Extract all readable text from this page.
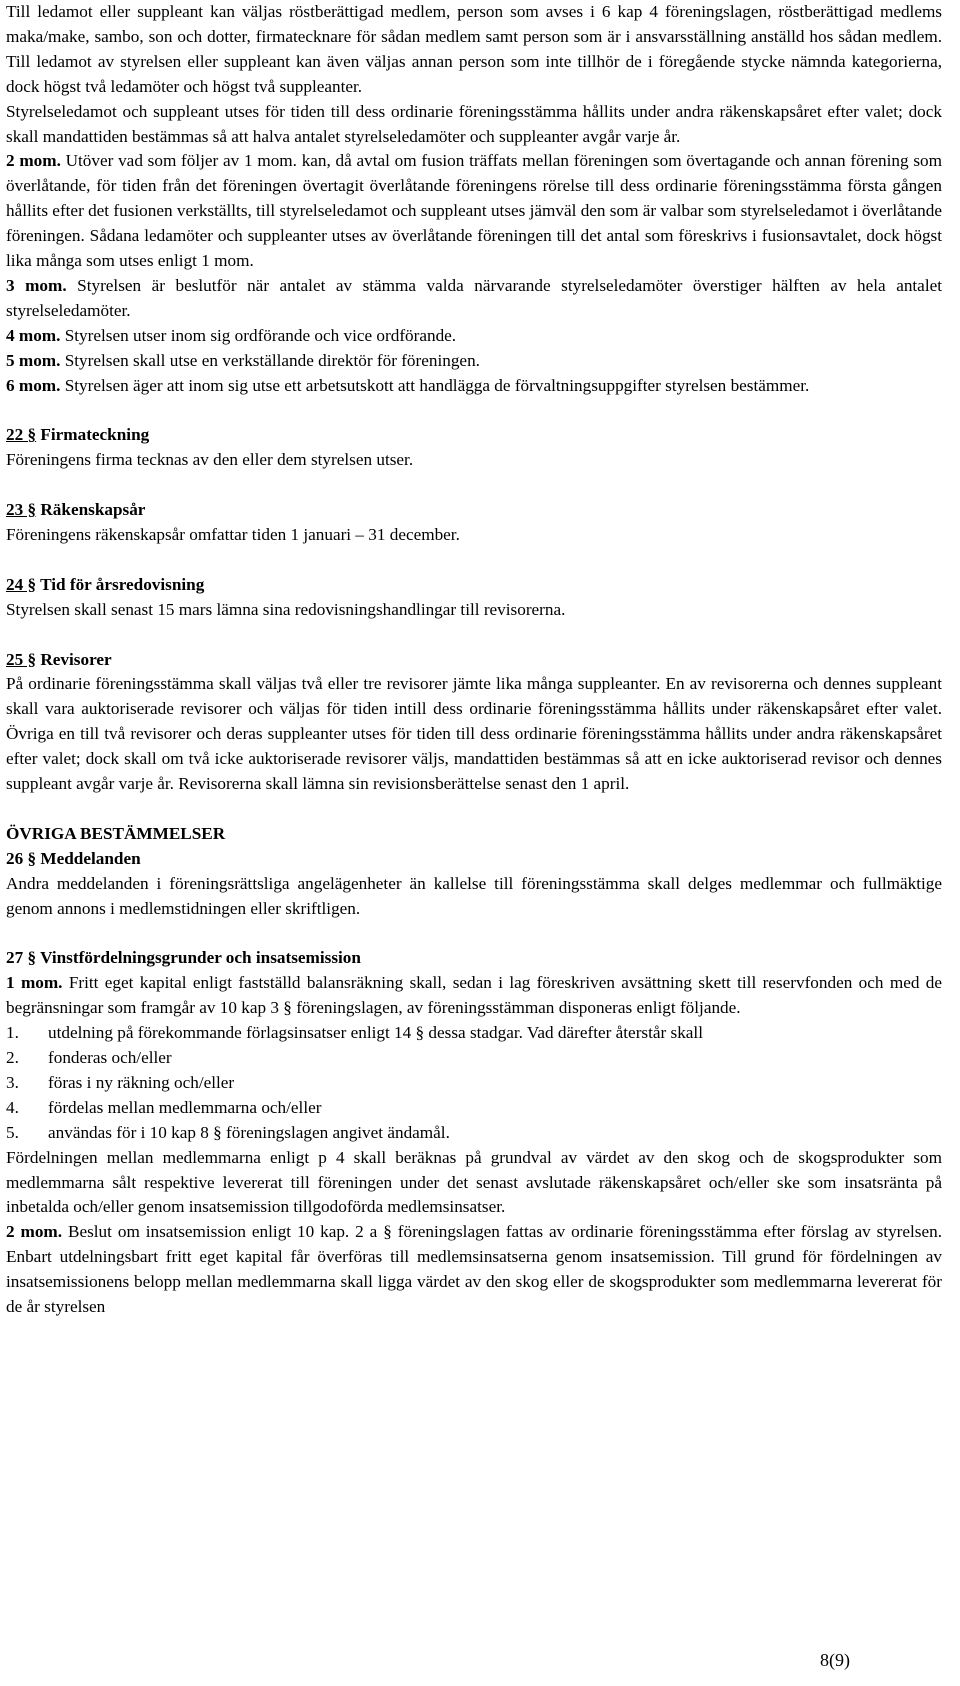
Till ledamot eller suppleant kan väljas röstberättigad medlem, person som avses i 6 kap 4 föreningslagen, röstberättigad medlems maka/make, sambo, son och dotter, firmatecknare för sådan medlem samt person som är i ansvarsställning anställd hos sådan medlem. Till ledamot av styrelsen eller suppleant kan även väljas annan person som inte tillhör de i föregående stycke nämnda kategorierna, dock högst två ledamöter och högst två suppleanter.

Styrelseledamot och suppleant utses för tiden till dess ordinarie föreningsstämma hållits under andra räkenskapsåret efter valet; dock skall mandattiden bestämmas så att halva antalet styrelseledamöter och suppleanter avgår varje år.

2 mom. Utöver vad som följer av 1 mom. kan, då avtal om fusion träffats mellan föreningen som övertagande och annan förening som överlåtande, för tiden från det föreningen övertagit överlåtande föreningens rörelse till dess ordinarie föreningsstämma första gången hållits efter det fusionen verkställts, till styrelseledamot och suppleant utses jämväl den som är valbar som styrelseledamot i överlåtande föreningen. Sådana ledamöter och suppleanter utses av överlåtande föreningen till det antal som föreskrivs i fusionsavtalet, dock högst lika många som utses enligt 1 mom.

3 mom. Styrelsen är beslutför när antalet av stämma valda närvarande styrelseledamöter överstiger hälften av hela antalet styrelseledamöter.

4 mom. Styrelsen utser inom sig ordförande och vice ordförande.

5 mom. Styrelsen skall utse en verkställande direktör för föreningen.

6 mom. Styrelsen äger att inom sig utse ett arbetsutskott att handlägga de förvaltningsuppgifter styrelsen bestämmer.

22 § Firmateckning

Föreningens firma tecknas av den eller dem styrelsen utser.

23 § Räkenskapsår

Föreningens räkenskapsår omfattar tiden 1 januari – 31 december.

24 § Tid för årsredovisning

Styrelsen skall senast 15 mars lämna sina redovisningshandlingar till revisorerna.

25 § Revisorer

På ordinarie föreningsstämma skall väljas två eller tre revisorer jämte lika många suppleanter. En av revisorerna och dennes suppleant skall vara auktoriserade revisorer och väljas för tiden intill dess ordinarie föreningsstämma hållits under räkenskapsåret efter valet. Övriga en till två revisorer och deras suppleanter utses för tiden till dess ordinarie föreningsstämma hållits under andra räkenskapsåret efter valet; dock skall om två icke auktoriserade revisorer väljs, mandattiden bestämmas så att en icke auktoriserad revisor och dennes suppleant avgår varje år. Revisorerna skall lämna sin revisionsberättelse senast den 1 april.

ÖVRIGA BESTÄMMELSER

26 § Meddelanden

Andra meddelanden i föreningsrättsliga angelägenheter än kallelse till föreningsstämma skall delges medlemmar och fullmäktige genom annons i medlemstidningen eller skriftligen.

27 § Vinstfördelningsgrunder och insatsemission

1 mom. Fritt eget kapital enligt fastställd balansräkning skall, sedan i lag föreskriven avsättning skett till reservfonden och med de begränsningar som framgår av 10 kap 3 § föreningslagen, av föreningsstämman disponeras enligt följande.

1.	utdelning på förekommande förlagsinsatser enligt 14 § dessa stadgar. Vad därefter återstår skall
2.	fonderas och/eller
3.	föras i ny räkning och/eller
4.	fördelas mellan medlemmarna och/eller
5.	användas för i 10 kap 8 § föreningslagen angivet ändamål.

Fördelningen mellan medlemmarna enligt p 4 skall beräknas på grundval av värdet av den skog och de skogsprodukter som medlemmarna sålt respektive levererat till föreningen under det senast avslutade räkenskapsåret och/eller ske som insatsränta på inbetalda och/eller genom insatsemission tillgodoförda medlemsinsatser.

2 mom. Beslut om insatsemission enligt 10 kap. 2 a § föreningslagen fattas av ordinarie föreningsstämma efter förslag av styrelsen. Enbart utdelningsbart fritt eget kapital får överföras till medlemsinsatserna genom insatsemission. Till grund för fördelningen av insatsemissionens belopp mellan medlemmarna skall ligga värdet av den skog eller de skogsprodukter som medlemmarna levererat för de år styrelsen

8(9)
